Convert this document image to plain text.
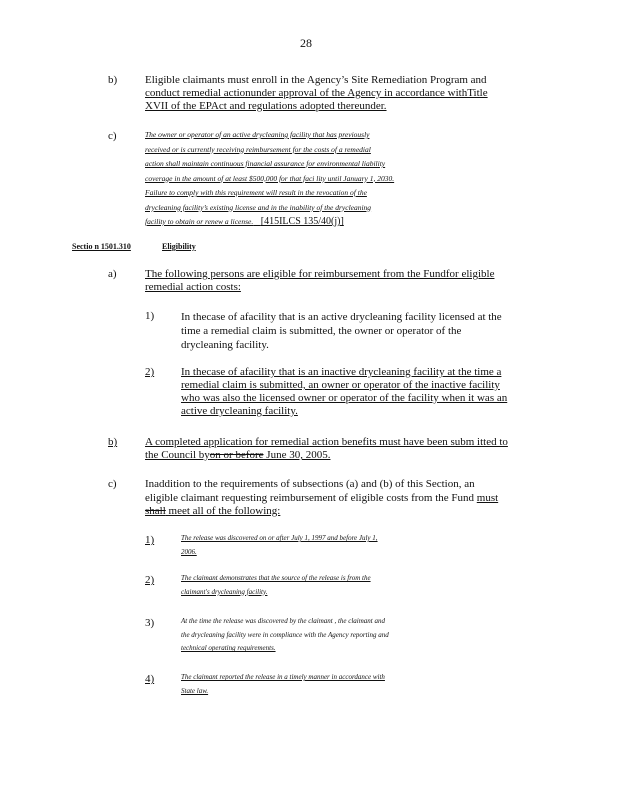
28
b)	Eligible claimants must enroll in the Agency’s Site Remediation Program and
conduct remedial actionunder approval of the Agency in accordance withTitle
XVII of the EPAct and regulations adopted thereunder.
c)	The owner or operator of an active drycleaning facility that has previously
received or is currently receiving reimbursement for the costs of a remedial
action shall maintain continuous financial assurance for environmental liability
coverage in the amount of at least $500,000 for that faci lity until January 1, 2030.
Failure to comply with this requirement will result in the revocation of the
drycleaning facility’s existing license and in the inability of the drycleaning
facility to obtain or renew a license. [415ILCS 135/40(j)]
Sectio n 1501.310	Eligibility
a)	The following persons are eligible for reimbursement from the Fundfor eligible
remedial action costs:
1) In thecase of afacility that is an active drycleaning facility licensed at the
time a remedial claim is submitted, the owner or operator of the
drycleaning facility.
2) In thecase of afacility that is an inactive drycleaning facility at the time a
remedial claim is submitted, an owner or operator of the inactive facility
who was also the licensed owner or operator of the facility when it was an
active drycleaning facility.
b)	A completed application for remedial action benefits must have been subm itted to
the Council byon or before June 30, 2005.
c)	Inaddition to the requirements of subsections (a) and (b) of this Section, an
eligible claimant requesting reimbursement of eligible costs from the Fund must
shall meet all of the following:
1)	The release was discovered on or after July 1, 1997 and before July 1,
2006.
2)	The claimant demonstrates that the source of the release is from the
claimant's drycleaning facility.
3)	At the time the release was discovered by the claimant , the claimant and
the drycleaning facility were in compliance with the Agency reporting and
technical operating requirements.
4)	The claimant reported the release in a timely manner in accordance with
State law.
